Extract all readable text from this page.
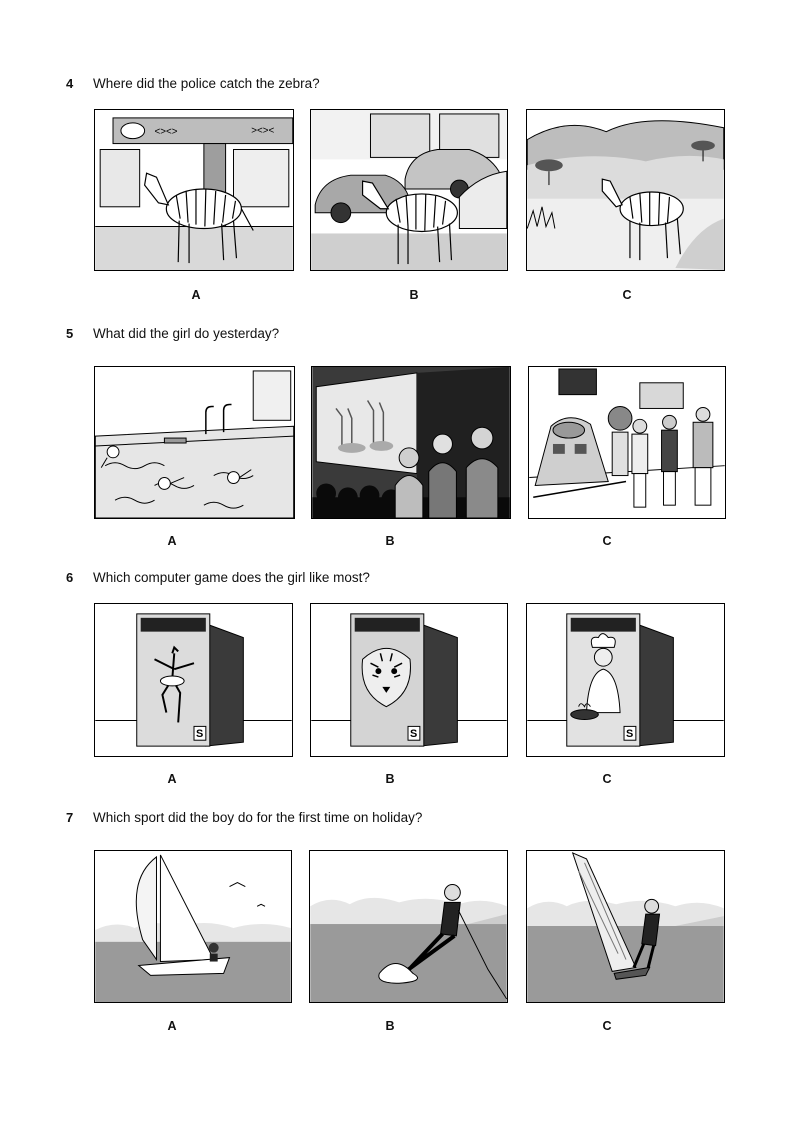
4 Where did the police catch the zebra?
<><>	><><
A	B	C
5 What did the girl do yesterday?
A	B	C
6 Which computer game does the girl like most?
S	S	S
A	B	C
7 Which sport did the boy do for the first time on holiday?
A	B	C
